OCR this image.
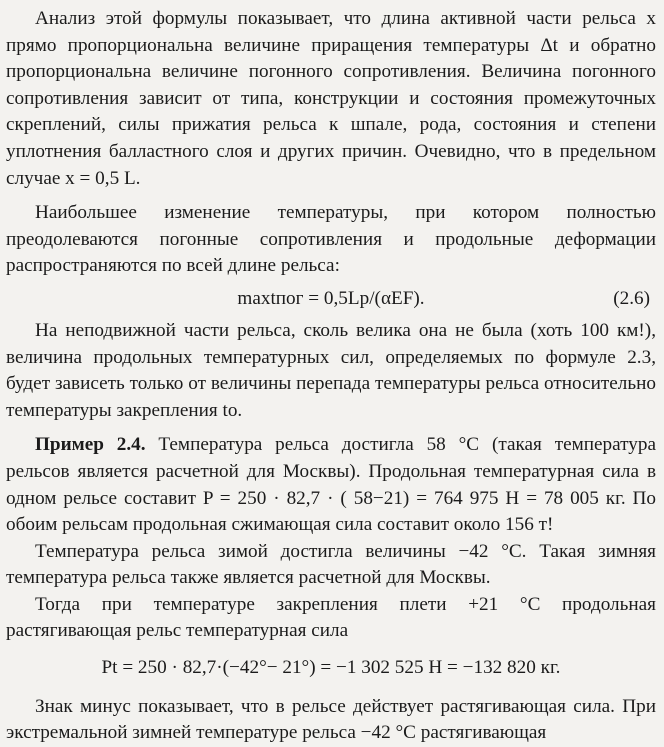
Анализ этой формулы показывает, что длина активной части рельса x прямо пропорциональна величине приращения температуры Δt и обратно пропорциональна величине погонного сопротивления. Величина погонного сопротивления зависит от типа, конструкции и состояния промежуточных скреплений, силы прижатия рельса к шпале, рода, состояния и степени уплотнения балластного слоя и других причин. Очевидно, что в предельном случае x = 0,5 L.

Наибольшее изменение температуры, при котором полностью преодолеваются погонные сопротивления и продольные деформации распространяются по всей длине рельса:

maxtпог = 0,5Lp/(αEF).	(2.6)

На неподвижной части рельса, сколь велика она не была (хоть 100 км!), величина продольных температурных сил, определяемых по формуле 2.3, будет зависеть только от величины перепада температуры рельса относительно температуры закрепления tо.

Пример 2.4. Температура рельса достигла 58 °С (такая температура рельсов является расчетной для Москвы). Продольная температурная сила в одном рельсе составит P = 250 · 82,7 · ( 58−21) = 764 975 Н = 78 005 кг. По обоим рельсам продольная сжимающая сила составит около 156 т!

Температура рельса зимой достигла величины −42 °С. Такая зимняя температура рельса также является расчетной для Москвы.

Тогда при температуре закрепления плети +21 °С продольная растягивающая рельс температурная сила

Pt = 250 · 82,7·(−42°− 21°) = −1 302 525 Н = −132 820 кг.

Знак минус показывает, что в рельсе действует растягивающая сила. При экстремальной зимней температуре рельса −42 °С растягивающая
